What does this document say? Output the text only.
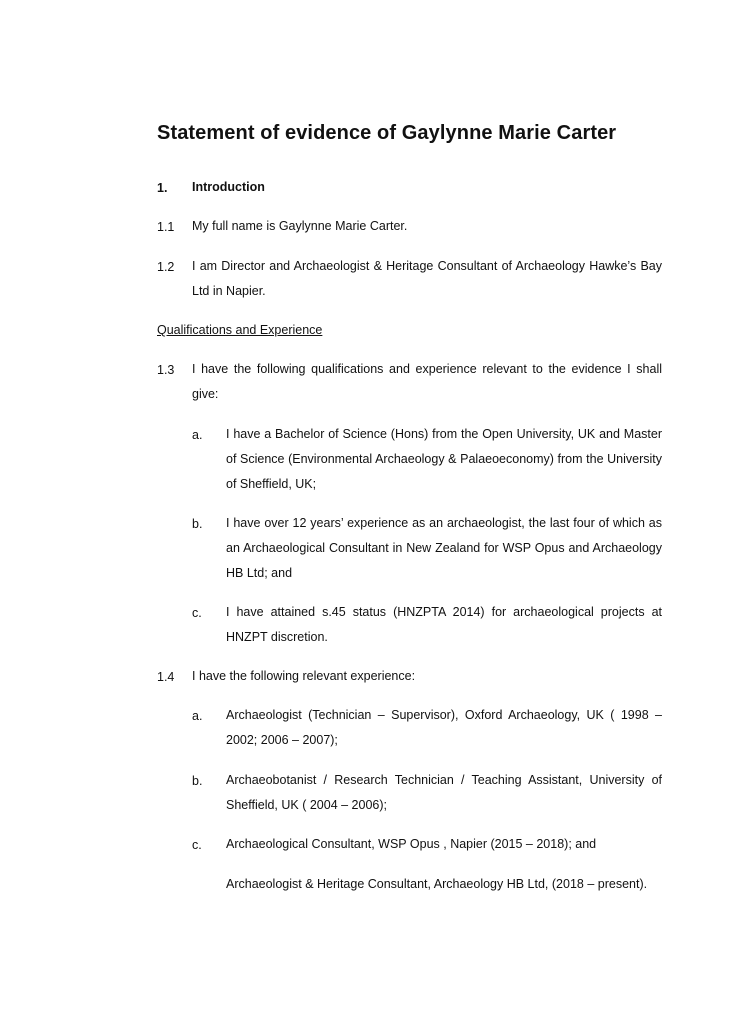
Statement of evidence of Gaylynne Marie Carter
1. Introduction
1.1 My full name is Gaylynne Marie Carter.
1.2 I am Director and Archaeologist & Heritage Consultant of Archaeology Hawke’s Bay Ltd in Napier.
Qualifications and Experience
1.3 I have the following qualifications and experience relevant to the evidence I shall give:
a. I have a Bachelor of Science (Hons) from the Open University, UK and Master of Science (Environmental Archaeology & Palaeoeconomy) from the University of Sheffield, UK;
b. I have over 12 years’ experience as an archaeologist, the last four of which as an Archaeological Consultant in New Zealand for WSP Opus and Archaeology HB Ltd; and
c. I have attained s.45 status (HNZPTA 2014) for archaeological projects at HNZPT discretion.
1.4 I have the following relevant experience:
a. Archaeologist (Technician – Supervisor), Oxford Archaeology, UK ( 1998 – 2002; 2006 – 2007);
b. Archaeobotanist / Research Technician / Teaching Assistant, University of Sheffield, UK ( 2004 – 2006);
c. Archaeological Consultant, WSP Opus , Napier (2015 – 2018); and
Archaeologist & Heritage Consultant, Archaeology HB Ltd, (2018 – present).
